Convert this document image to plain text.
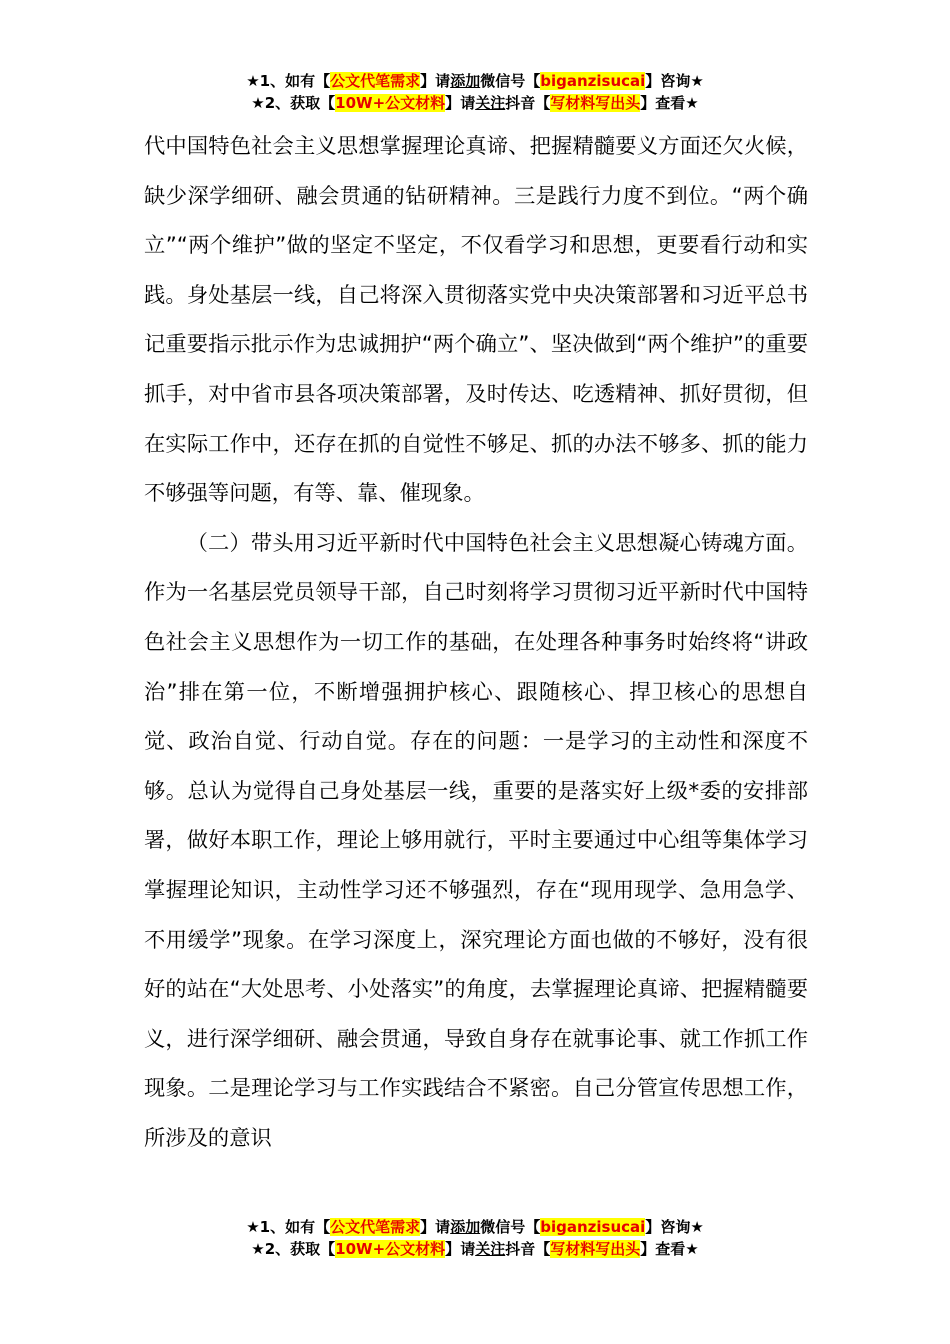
★1、如有【公文代笔需求】请添加微信号【biganzisucai】咨询★
★2、获取【10W+公文材料】请关注抖音【写材料写出头】查看★

代中国特色社会主义思想掌握理论真谛、把握精髓要义方面还欠火候，缺少深学细研、融会贯通的钻研精神。三是践行力度不到位。“两个确立”“两个维护”做的坚定不坚定，不仅看学习和思想，更要看行动和实践。身处基层一线，自己将深入贯彻落实党中央决策部署和习近平总书记重要指示批示作为忠诚拥护“两个确立”、坚决做到“两个维护”的重要抓手，对中省市县各项决策部署，及时传达、吃透精神、抓好贯彻，但在实际工作中，还存在抓的自觉性不够足、抓的办法不够多、抓的能力不够强等问题，有等、靠、催现象。

（二）带头用习近平新时代中国特色社会主义思想凝心铸魂方面。作为一名基层党员领导干部，自己时刻将学习贯彻习近平新时代中国特色社会主义思想作为一切工作的基础，在处理各种事务时始终将“讲政治”排在第一位，不断增强拥护核心、跟随核心、捍卫核心的思想自觉、政治自觉、行动自觉。存在的问题：一是学习的主动性和深度不够。总认为觉得自己身处基层一线，重要的是落实好上级*委的安排部署，做好本职工作，理论上够用就行，平时主要通过中心组等集体学习掌握理论知识，主动性学习还不够强烈，存在“现用现学、急用急学、不用缓学”现象。在学习深度上，深究理论方面也做的不够好，没有很好的站在“大处思考、小处落实”的角度，去掌握理论真谛、把握精髓要义，进行深学细研、融会贯通，导致自身存在就事论事、就工作抓工作现象。二是理论学习与工作实践结合不紧密。自己分管宣传思想工作，所涉及的意识

★1、如有【公文代笔需求】请添加微信号【biganzisucai】咨询★
★2、获取【10W+公文材料】请关注抖音【写材料写出头】查看★
